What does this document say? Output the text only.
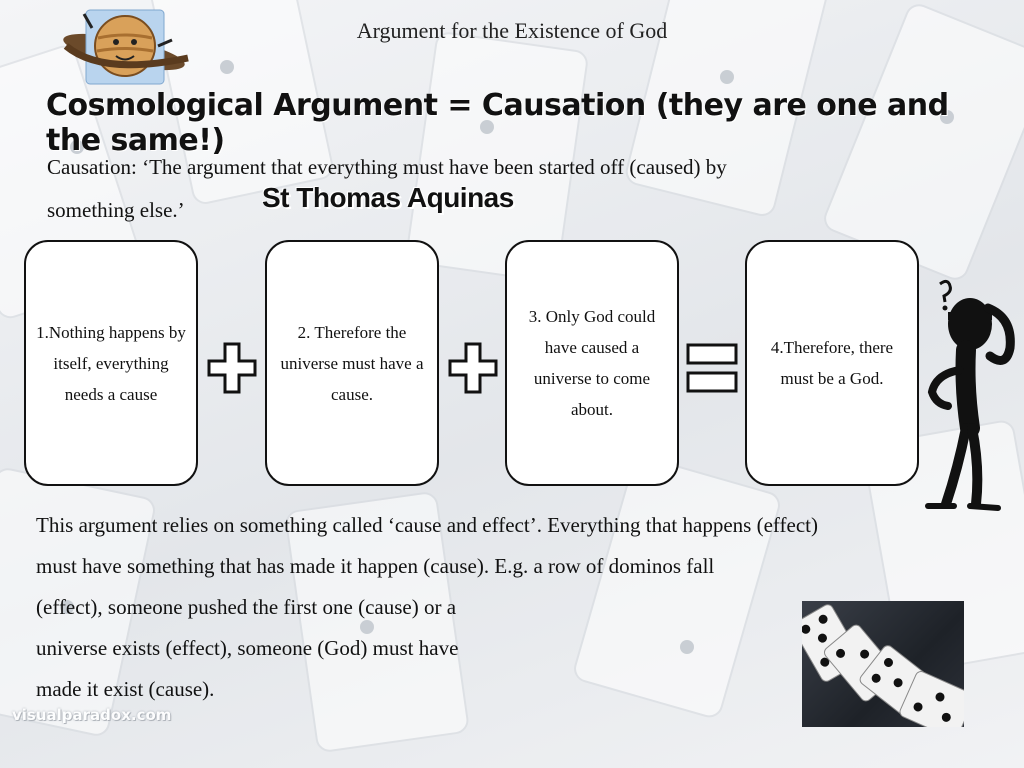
Argument for the Existence of God
Cosmological Argument = Causation (they are one and the same!)
Causation: ‘The argument that everything must have been started off (caused) by
something else.’	St Thomas Aquinas
1.Nothing happens by itself, everything needs a cause
2. Therefore the universe must have a cause.
3. Only God could have caused a universe to come about.
4.Therefore, there must be a God.
This argument relies on something called ‘cause and effect’. Everything that happens (effect)
must have something that has made it happen (cause). E.g. a row of dominos fall
(effect), someone pushed the first one (cause) or a
universe exists (effect), someone (God) must have
made it exist (cause).
visualparadox.com
